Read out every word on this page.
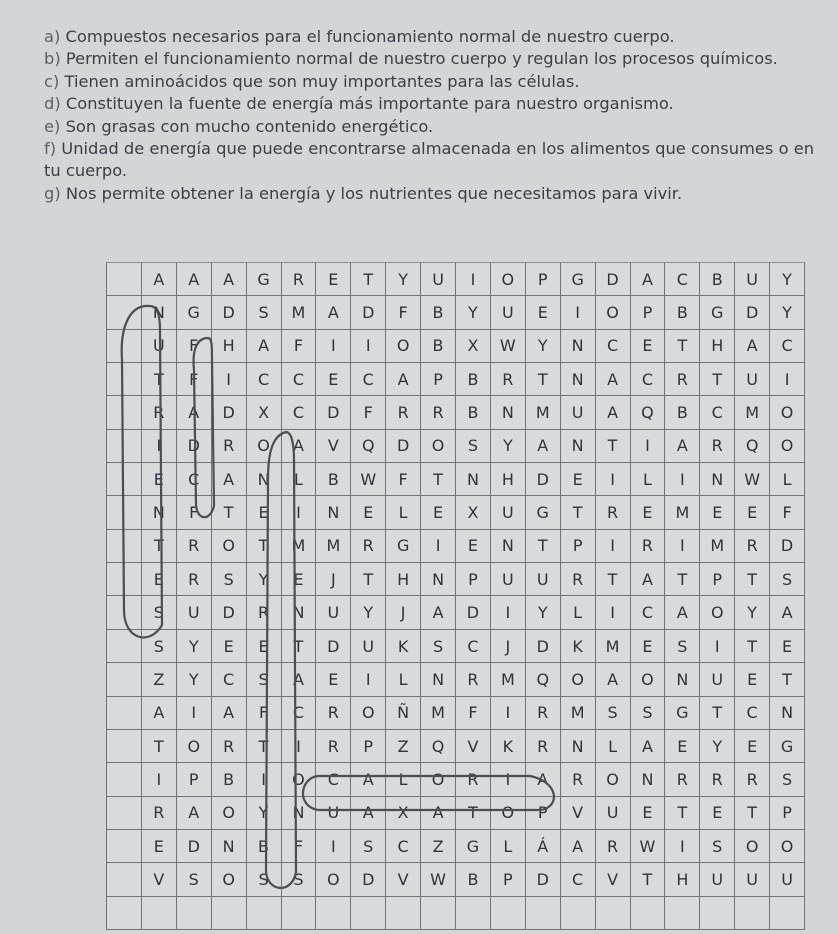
a) Compuestos necesarios para el funcionamiento normal de nuestro cuerpo.

b) Permiten el funcionamiento normal de nuestro cuerpo y regulan los procesos químicos.

c) Tienen aminoácidos que son muy importantes para las células.

d) Constituyen la fuente de energía más importante para nuestro organismo.

e) Son grasas con mucho contenido energético.

f) Unidad de energía que puede encontrarse almacenada en los alimentos que consumes o en tu cuerpo.

g) Nos permite obtener la energía y los nutrientes que necesitamos para vivir.

A	A	A	G	R	E	T	Y	U	I	O	P	G	D	A	C	B	U	Y
N	G	D	S	M	A	D	F	B	Y	U	E	I	O	P	B	G	D	Y
U	F	H	A	F	I	I	O	B	X	W	Y	N	C	E	T	H	A	C
T	F	I	C	C	E	C	A	P	B	R	T	N	A	C	R	T	U	I
R	A	D	X	C	D	F	R	R	B	N	M	U	A	Q	B	C	M	O
I	D	R	O	A	V	Q	D	O	S	Y	A	N	T	I	A	R	Q	O
E	C	A	N	L	B	W	F	T	N	H	D	E	I	L	I	N	W	L
N	F	T	E	I	N	E	L	E	X	U	G	T	R	E	M	E	E	F
T	R	O	T	M	M	R	G	I	E	N	T	P	I	R	I	M	R	D
E	R	S	Y	E	J	T	H	N	P	U	U	R	T	A	T	P	T	S
S	U	D	R	N	U	Y	J	A	D	I	Y	L	I	C	A	O	Y	A
S	Y	E	E	T	D	U	K	S	C	J	D	K	M	E	S	I	T	E
Z	Y	C	S	A	E	I	L	N	R	M	Q	O	A	O	N	U	E	T
A	I	A	F	C	R	O	Ñ	M	F	I	R	M	S	S	G	T	C	N
T	O	R	T	I	R	P	Z	Q	V	K	R	N	L	A	E	Y	E	G
I	P	B	I	O	C	A	L	O	R	I	A	R	O	N	R	R	R	S
R	A	O	Y	N	U	A	X	A	T	O	P	V	U	E	T	E	T	P
E	D	N	B	F	I	S	C	Z	G	L	Á	A	R	W	I	S	O	O
V	S	O	S	S	O	D	V	W	B	P	D	C	V	T	H	U	U	U
